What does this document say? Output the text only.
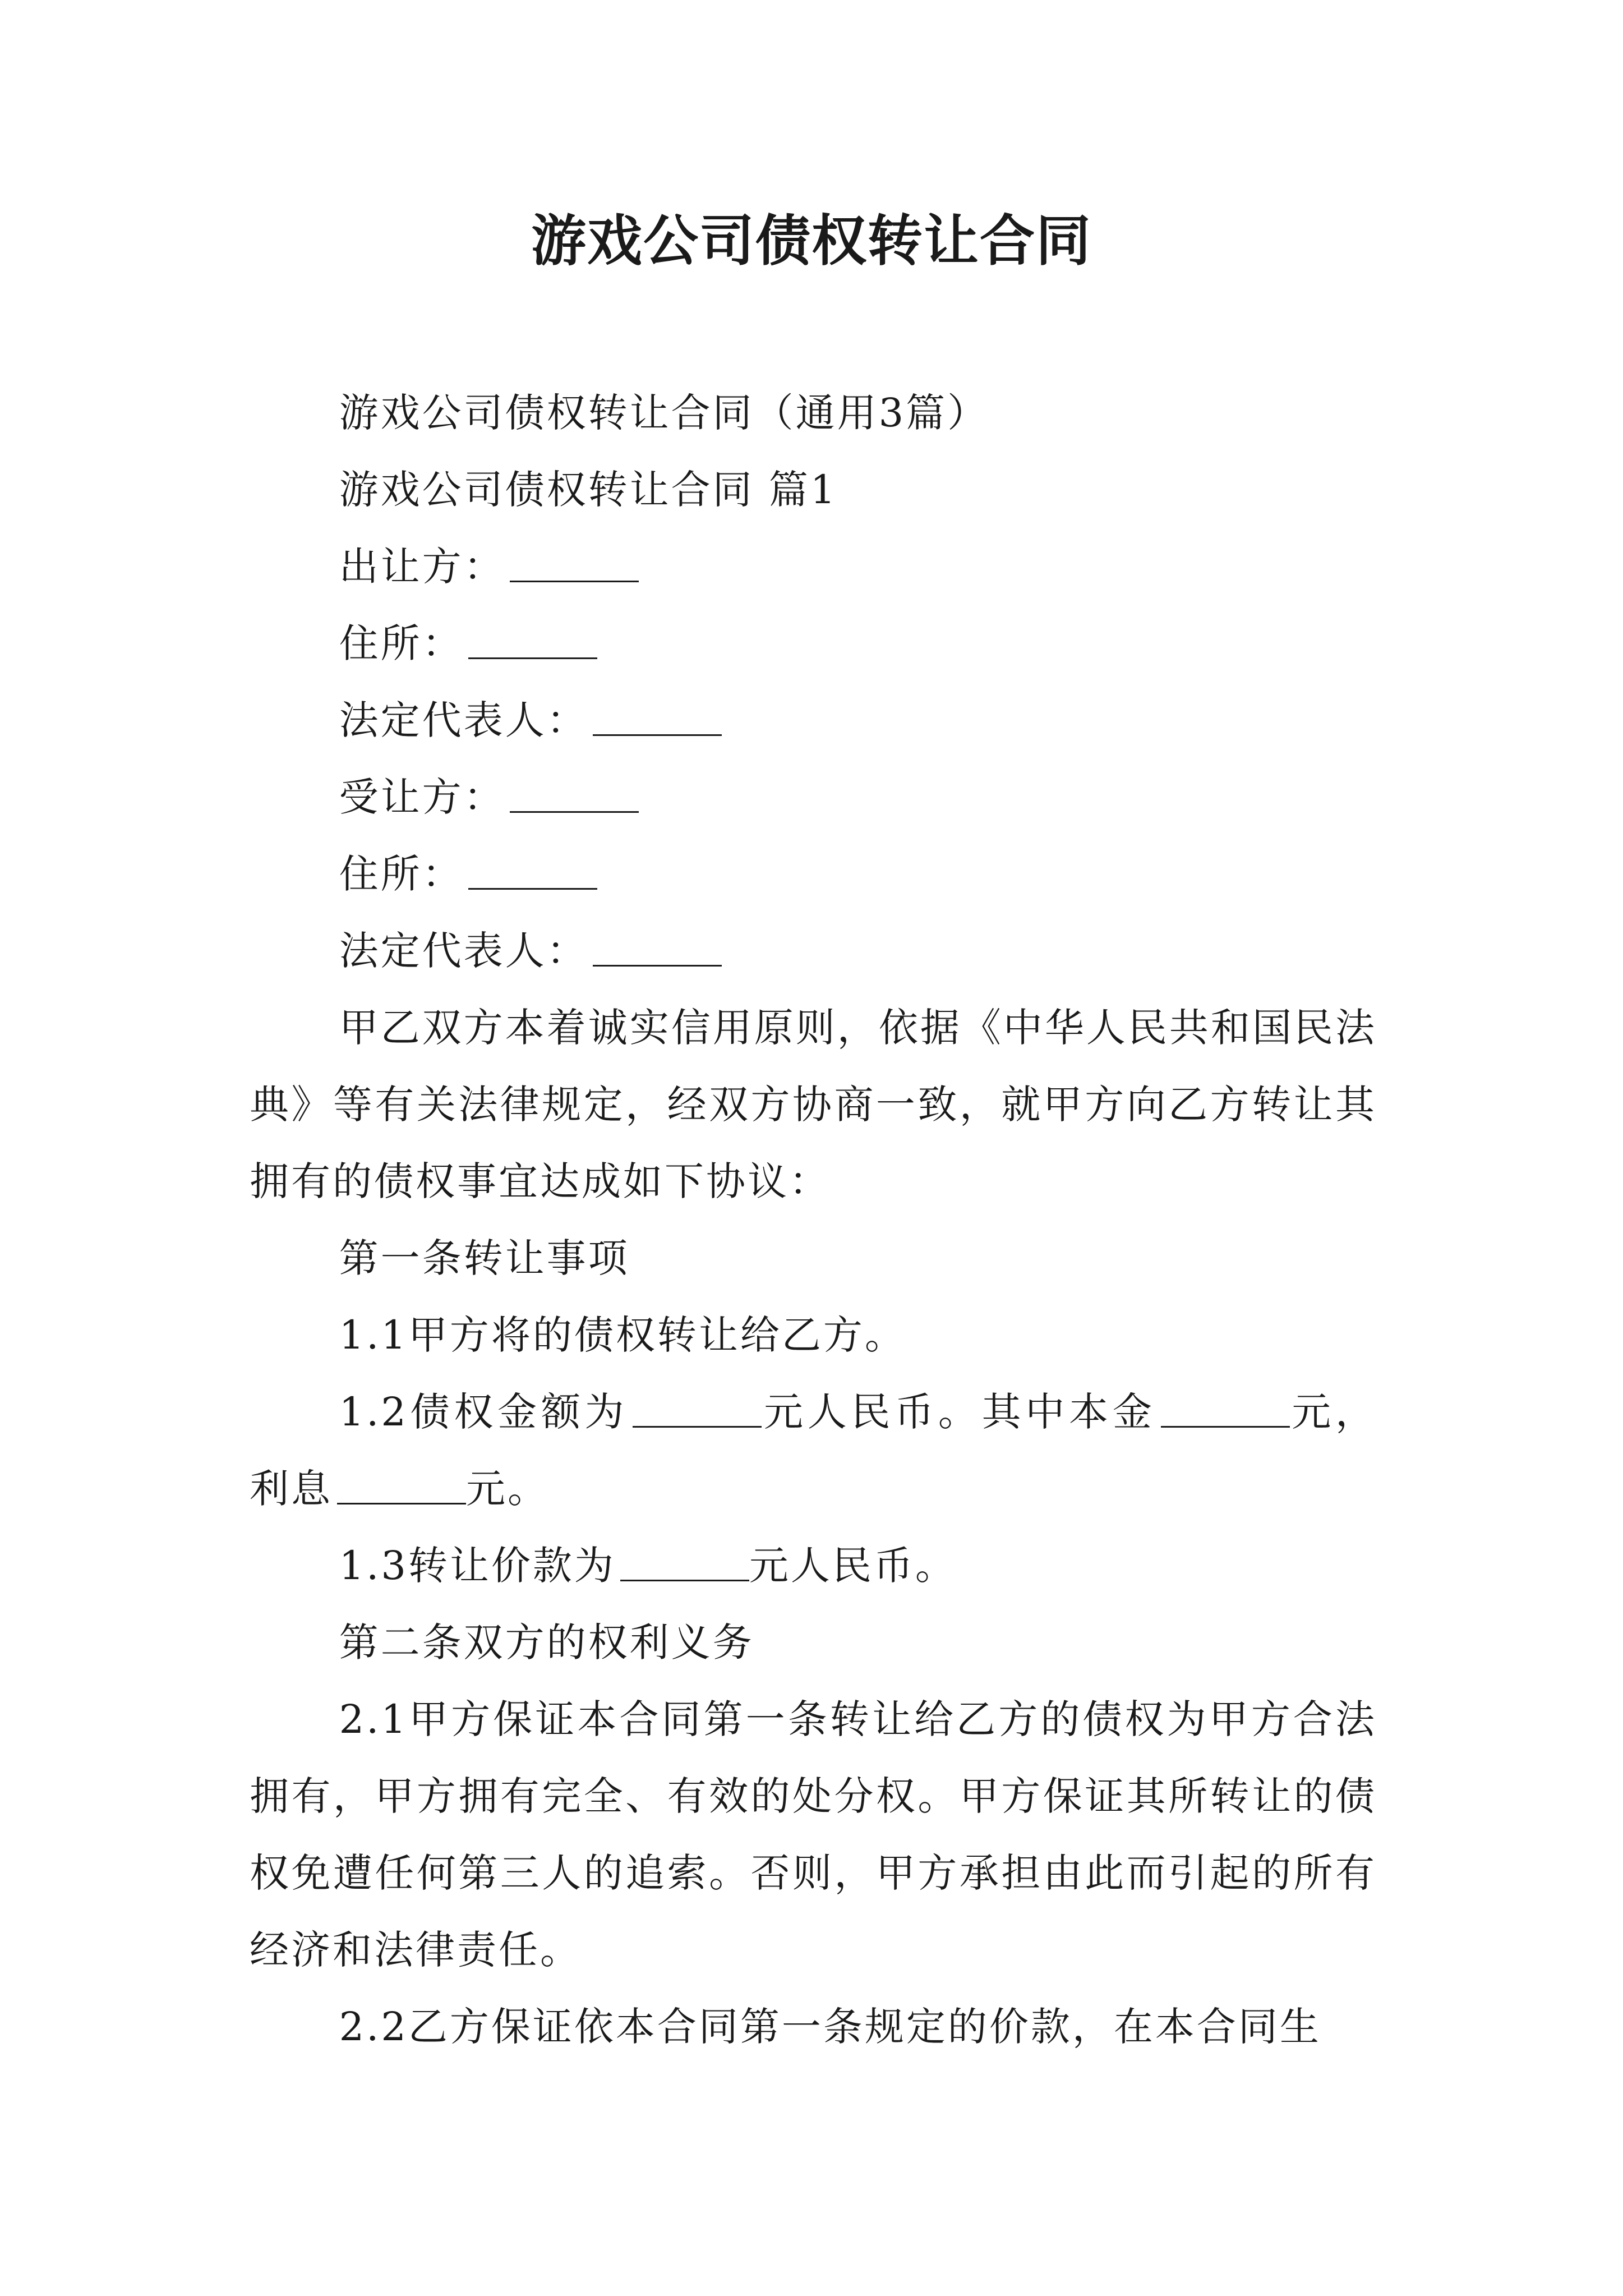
游戏公司债权转让合同

游戏公司债权转让合同（通用3篇）

游戏公司债权转让合同 篇1

出让方：

住所：

法定代表人：

受让方：

住所：

法定代表人：

甲乙双方本着诚实信用原则，依据《中华人民共和国民法典》等有关法律规定，经双方协商一致，就甲方向乙方转让其拥有的债权事宜达成如下协议：

第一条转让事项

1.1甲方将的债权转让给乙方。

1.2债权金额为	元人民币。其中本金	元，利息	元。

1.3转让价款为	元人民币。

第二条双方的权利义务

2.1甲方保证本合同第一条转让给乙方的债权为甲方合法拥有，甲方拥有完全、有效的处分权。甲方保证其所转让的债权免遭任何第三人的追索。否则，甲方承担由此而引起的所有经济和法律责任。

2.2乙方保证依本合同第一条规定的价款，在本合同生
